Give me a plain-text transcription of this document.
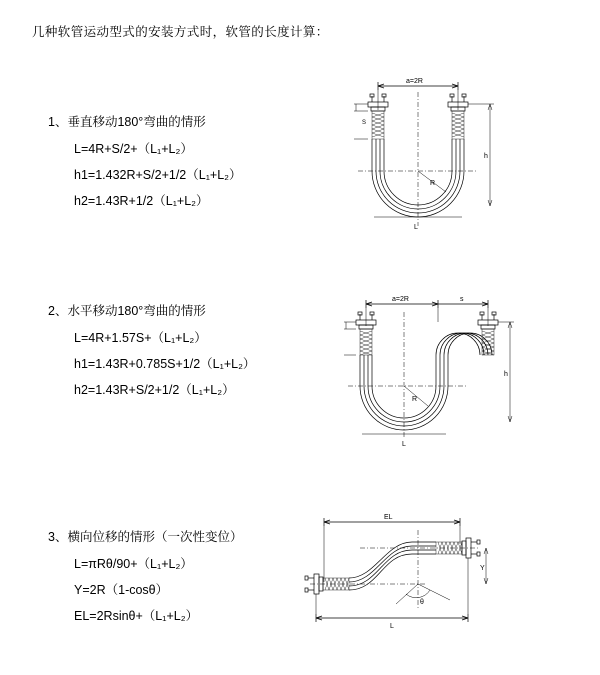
几种软管运动型式的安装方式时，软管的长度计算：
1、垂直移动180°弯曲的情形
L=4R+S/2+（L₁+L₂）
h1=1.432R+S/2+1/2（L₁+L₂）
h2=1.43R+1/2（L₁+L₂）
a=2R
R
h
L
S
2、水平移动180°弯曲的情形
L=4R+1.57S+（L₁+L₂）
h1=1.43R+0.785S+1/2（L₁+L₂）
h2=1.43R+S/2+1/2（L₁+L₂）
a=2R	s
R
h
L
3、横向位移的情形（一次性变位）
L=πRθ/90+（L₁+L₂）
Y=2R（1-cosθ）
EL=2Rsinθ+（L₁+L₂）
EL
θ
Y
L
